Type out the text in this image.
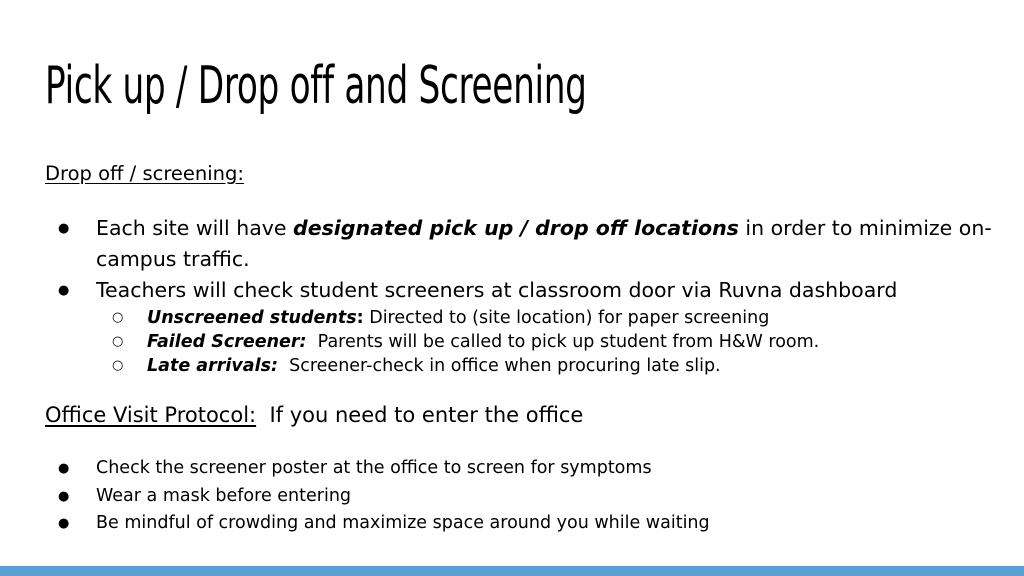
Pick up / Drop off and Screening
Drop off / screening:
● Each site will have designated pick up / drop off locations in order to minimize on-campus traffic.
● Teachers will check student screeners at classroom door via Ruvna dashboard
○ Unscreened students: Directed to (site location) for paper screening
○ Failed Screener:  Parents will be called to pick up student from H&W room.
○ Late arrivals:  Screener-check in office when procuring late slip.
Office Visit Protocol:  If you need to enter the office
● Check the screener poster at the office to screen for symptoms
● Wear a mask before entering
● Be mindful of crowding and maximize space around you while waiting
